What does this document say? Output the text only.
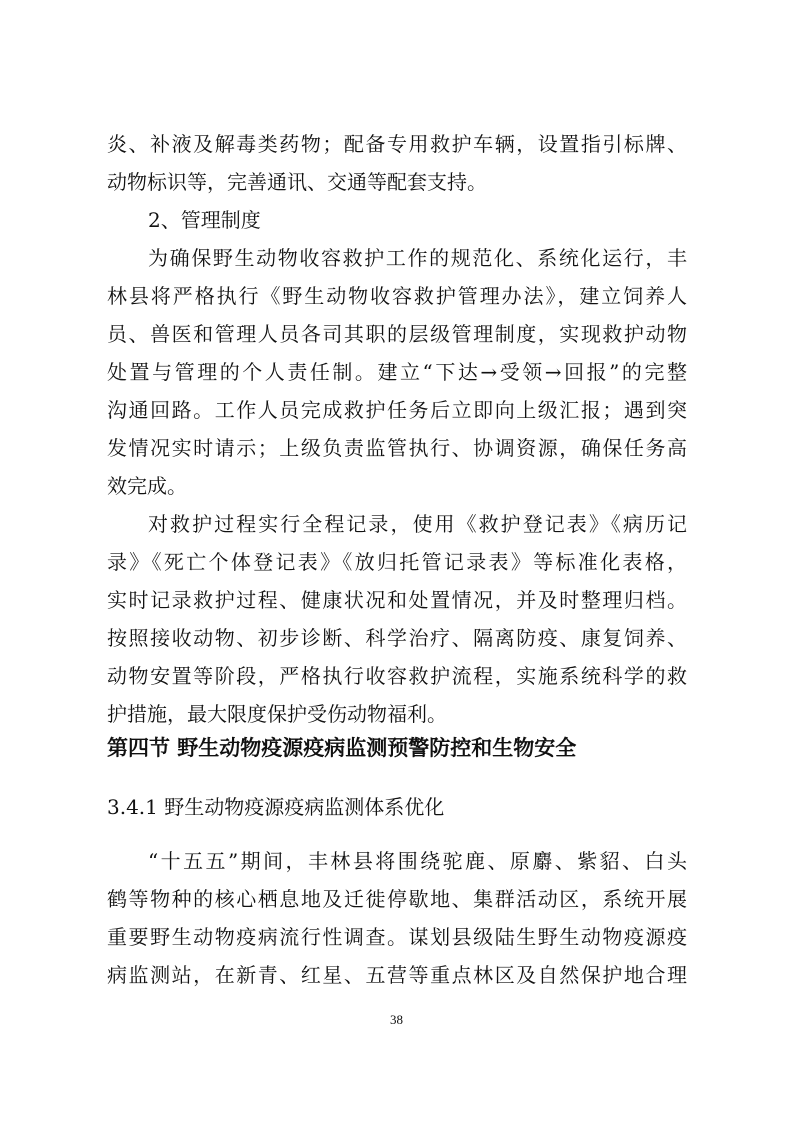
炎、补液及解毒类药物；配备专用救护车辆，设置指引标牌、
动物标识等，完善通讯、交通等配套支持。
2、管理制度
为确保野生动物收容救护工作的规范化、系统化运行，丰
林县将严格执行《野生动物收容救护管理办法》，建立饲养人
员、兽医和管理人员各司其职的层级管理制度，实现救护动物
处置与管理的个人责任制。建立“下达→受领→回报”的完整
沟通回路。工作人员完成救护任务后立即向上级汇报；遇到突
发情况实时请示；上级负责监管执行、协调资源，确保任务高
效完成。
对救护过程实行全程记录，使用《救护登记表》《病历记
录》《死亡个体登记表》《放归托管记录表》等标准化表格，
实时记录救护过程、健康状况和处置情况，并及时整理归档。
按照接收动物、初步诊断、科学治疗、隔离防疫、康复饲养、
动物安置等阶段，严格执行收容救护流程，实施系统科学的救
护措施，最大限度保护受伤动物福利。
第四节 野生动物疫源疫病监测预警防控和生物安全
3.4.1 野生动物疫源疫病监测体系优化
“十五五”期间，丰林县将围绕驼鹿、原麝、紫貂、白头
鹤等物种的核心栖息地及迁徙停歇地、集群活动区，系统开展
重要野生动物疫病流行性调查。谋划县级陆生野生动物疫源疫
病监测站，在新青、红星、五营等重点林区及自然保护地合理
38
